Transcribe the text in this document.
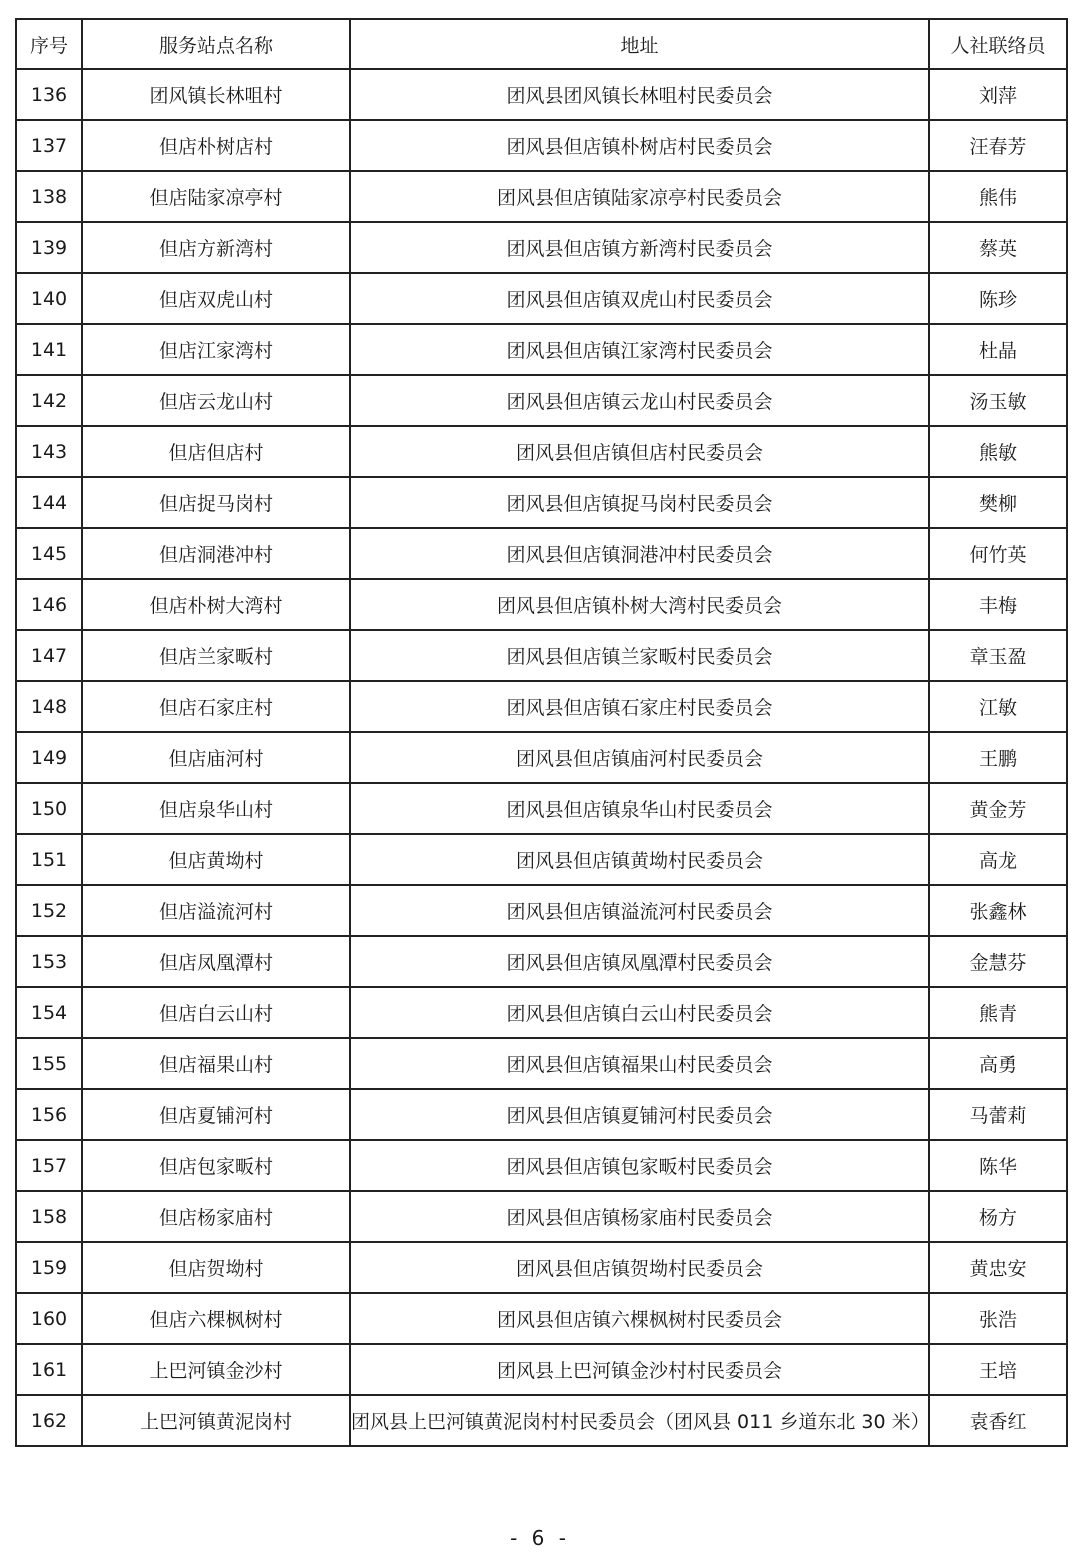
序号	服务站点名称	地址	人社联络员
136	团风镇长林咀村	团风县团风镇长林咀村民委员会	刘萍
137	但店朴树店村	团风县但店镇朴树店村民委员会	汪春芳
138	但店陆家凉亭村	团风县但店镇陆家凉亭村民委员会	熊伟
139	但店方新湾村	团风县但店镇方新湾村民委员会	蔡英
140	但店双虎山村	团风县但店镇双虎山村民委员会	陈珍
141	但店江家湾村	团风县但店镇江家湾村民委员会	杜晶
142	但店云龙山村	团风县但店镇云龙山村民委员会	汤玉敏
143	但店但店村	团风县但店镇但店村民委员会	熊敏
144	但店捉马岗村	团风县但店镇捉马岗村民委员会	樊柳
145	但店洞港冲村	团风县但店镇洞港冲村民委员会	何竹英
146	但店朴树大湾村	团风县但店镇朴树大湾村民委员会	丰梅
147	但店兰家畈村	团风县但店镇兰家畈村民委员会	章玉盈
148	但店石家庄村	团风县但店镇石家庄村民委员会	江敏
149	但店庙河村	团风县但店镇庙河村民委员会	王鹏
150	但店泉华山村	团风县但店镇泉华山村民委员会	黄金芳
151	但店黄坳村	团风县但店镇黄坳村民委员会	高龙
152	但店溢流河村	团风县但店镇溢流河村民委员会	张鑫林
153	但店凤凰潭村	团风县但店镇凤凰潭村民委员会	金慧芬
154	但店白云山村	团风县但店镇白云山村民委员会	熊青
155	但店福果山村	团风县但店镇福果山村民委员会	高勇
156	但店夏铺河村	团风县但店镇夏铺河村民委员会	马蕾莉
157	但店包家畈村	团风县但店镇包家畈村民委员会	陈华
158	但店杨家庙村	团风县但店镇杨家庙村民委员会	杨方
159	但店贺坳村	团风县但店镇贺坳村民委员会	黄忠安
160	但店六棵枫树村	团风县但店镇六棵枫树村民委员会	张浩
161	上巴河镇金沙村	团风县上巴河镇金沙村村民委员会	王培
162	上巴河镇黄泥岗村	团风县上巴河镇黄泥岗村村民委员会（团风县 011 乡道东北 30 米）	袁香红
- 6 -
